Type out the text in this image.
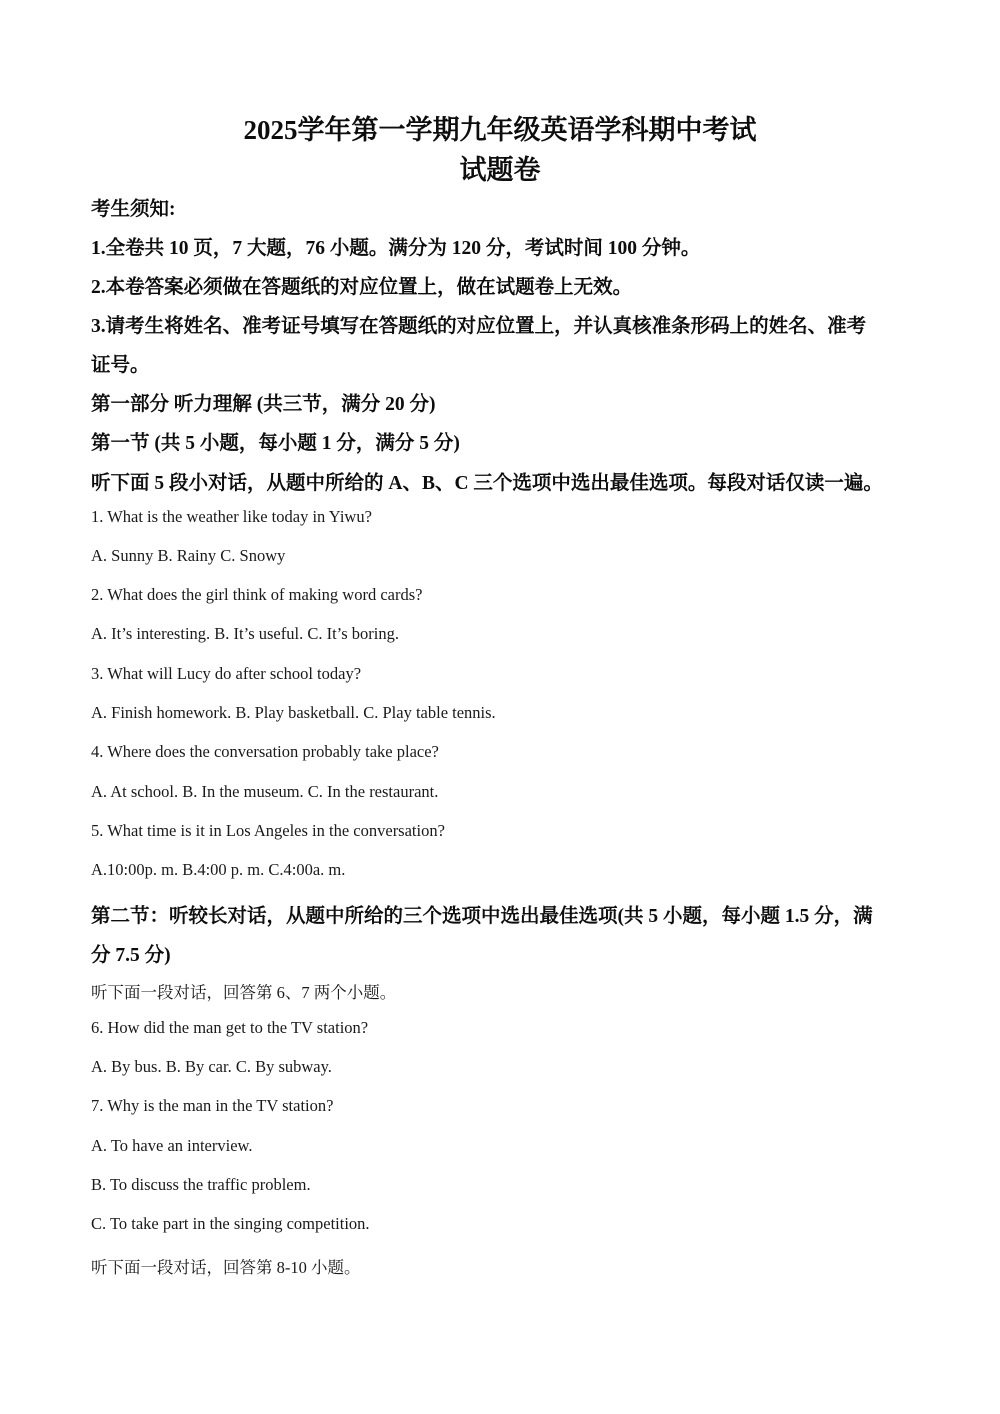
2025学年第一学期九年级英语学科期中考试
试题卷
考生须知:
1.全卷共 10 页，7 大题，76 小题。满分为 120 分，考试时间 100 分钟。
2.本卷答案必须做在答题纸的对应位置上，做在试题卷上无效。
3.请考生将姓名、准考证号填写在答题纸的对应位置上，并认真核准条形码上的姓名、准考
证号。
第一部分 听力理解 (共三节，满分 20 分)
第一节 (共 5 小题，每小题 1 分，满分 5 分)
听下面 5 段小对话，从题中所给的 A、B、C 三个选项中选出最佳选项。每段对话仅读一遍。
1. What is the weather like today in Yiwu?
A. Sunny B. Rainy C. Snowy
2. What does the girl think of making word cards?
A. It’s interesting. B. It’s useful. C. It’s boring.
3. What will Lucy do after school today?
A. Finish homework. B. Play basketball. C. Play table tennis.
4. Where does the conversation probably take place?
A. At school. B. In the museum. C. In the restaurant.
5. What time is it in Los Angeles in the conversation?
A.10:00p. m. B.4:00 p. m. C.4:00a. m.
第二节：听较长对话，从题中所给的三个选项中选出最佳选项(共 5 小题，每小题 1.5 分，满
分 7.5 分)
听下面一段对话，回答第 6、7 两个小题。
6. How did the man get to the TV station?
A. By bus. B. By car. C. By subway.
7. Why is the man in the TV station?
A. To have an interview.
B. To discuss the traffic problem.
C. To take part in the singing competition.
听下面一段对话，回答第 8-10 小题。
